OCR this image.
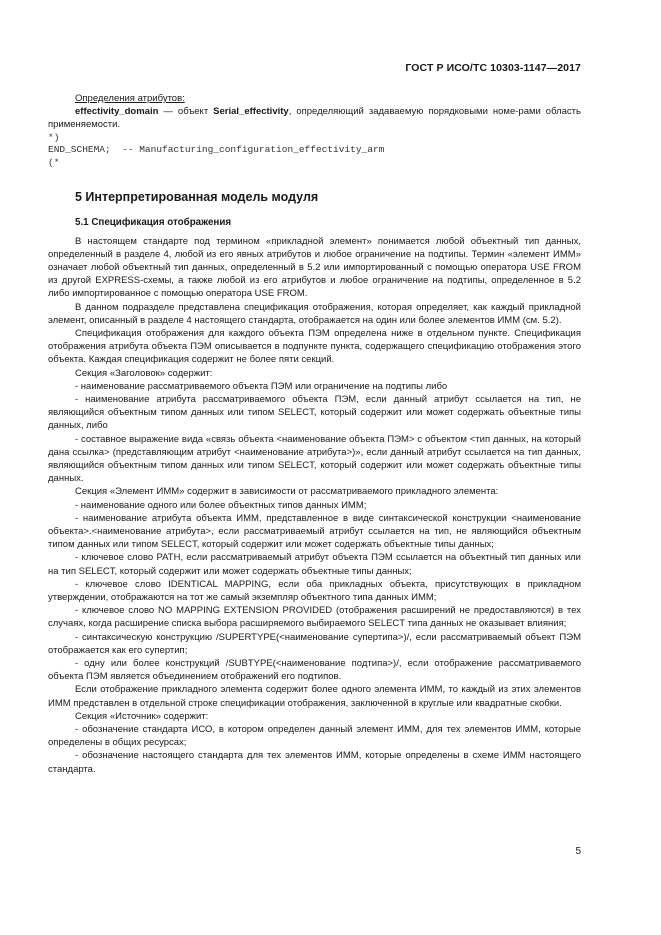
ГОСТ Р ИСО/ТС 10303-1147—2017

Определения атрибутов:

effectivity_domain — объект Serial_effectivity, определяющий задаваемую порядковыми номе-рами область применяемости.

*)
END_SCHEMA;  -- Manufacturing_configuration_effectivity_arm
(*
5 Интерпретированная модель модуля
5.1 Спецификация отображения

В настоящем стандарте под термином «прикладной элемент» понимается любой объектный тип данных, определенный в разделе 4, любой из его явных атрибутов и любое ограничение на подтипы. Термин «элемент ИММ» означает любой объектный тип данных, определенный в 5.2 или импортированный с помощью оператора USE FROM из другой EXPRESS-схемы, а также любой из его атрибутов и любое ограничение на подтипы, определенное в 5.2 либо импортированное с помощью оператора USE FROM.

В данном подразделе представлена спецификация отображения, которая определяет, как каждый прикладной элемент, описанный в разделе 4 настоящего стандарта, отображается на один или более элементов ИММ (см. 5.2).

Спецификация отображения для каждого объекта ПЭМ определена ниже в отдельном пункте. Спецификация отображения атрибута объекта ПЭМ описывается в подпункте пункта, содержащего спецификацию отображения этого объекта. Каждая спецификация содержит не более пяти секций.

Секция «Заголовок» содержит:

- наименование рассматриваемого объекта ПЭМ или ограничение на подтипы либо

- наименование атрибута рассматриваемого объекта ПЭМ, если данный атрибут ссылается на тип, не являющийся объектным типом данных или типом SELECT, который содержит или может содержать объектные типы данных, либо

- составное выражение вида «связь объекта <наименование объекта ПЭМ> с объектом <тип данных, на который дана ссылка> (представляющим атрибут <наименование атрибута>)», если данный атрибут ссылается на тип данных, являющийся объектным типом данных или типом SELECT, который содержит или может содержать объектные типы данных.

Секция «Элемент ИММ» содержит в зависимости от рассматриваемого прикладного элемента:

- наименование одного или более объектных типов данных ИММ;

- наименование атрибута объекта ИММ, представленное в виде синтаксической конструкции <наименование объекта>.<наименование атрибута>, если рассматриваемый атрибут ссылается на тип, не являющийся объектным типом данных или типом SELECT, который содержит или может содержать объектные типы данных;

- ключевое слово PATH, если рассматриваемый атрибут объекта ПЭМ ссылается на объектный тип данных или на тип SELECT, который содержит или может содержать объектные типы данных;

- ключевое слово IDENTICAL MAPPING, если оба прикладных объекта, присутствующих в прикладном утверждении, отображаются на тот же самый экземпляр объектного типа данных ИММ;

- ключевое слово NO MAPPING EXTENSION PROVIDED (отображения расширений не предоставляются) в тех случаях, когда расширение списка выбора расширяемого выбираемого SELECT типа данных не оказывает влияния;

- синтаксическую конструкцию /SUPERTYPE(<наименование супертипа>)/, если рассматриваемый объект ПЭМ отображается как его супертип;

- одну или более конструкций /SUBTYPE(<наименование подтипа>)/, если отображение рассматриваемого объекта ПЭМ является объединением отображений его подтипов.

Если отображение прикладного элемента содержит более одного элемента ИММ, то каждый из этих элементов ИММ представлен в отдельной строке спецификации отображения, заключенной в круглые или квадратные скобки.

Секция «Источник» содержит:

- обозначение стандарта ИСО, в котором определен данный элемент ИММ, для тех элементов ИММ, которые определены в общих ресурсах;

- обозначение настоящего стандарта для тех элементов ИММ, которые определены в схеме ИММ настоящего стандарта.

5
